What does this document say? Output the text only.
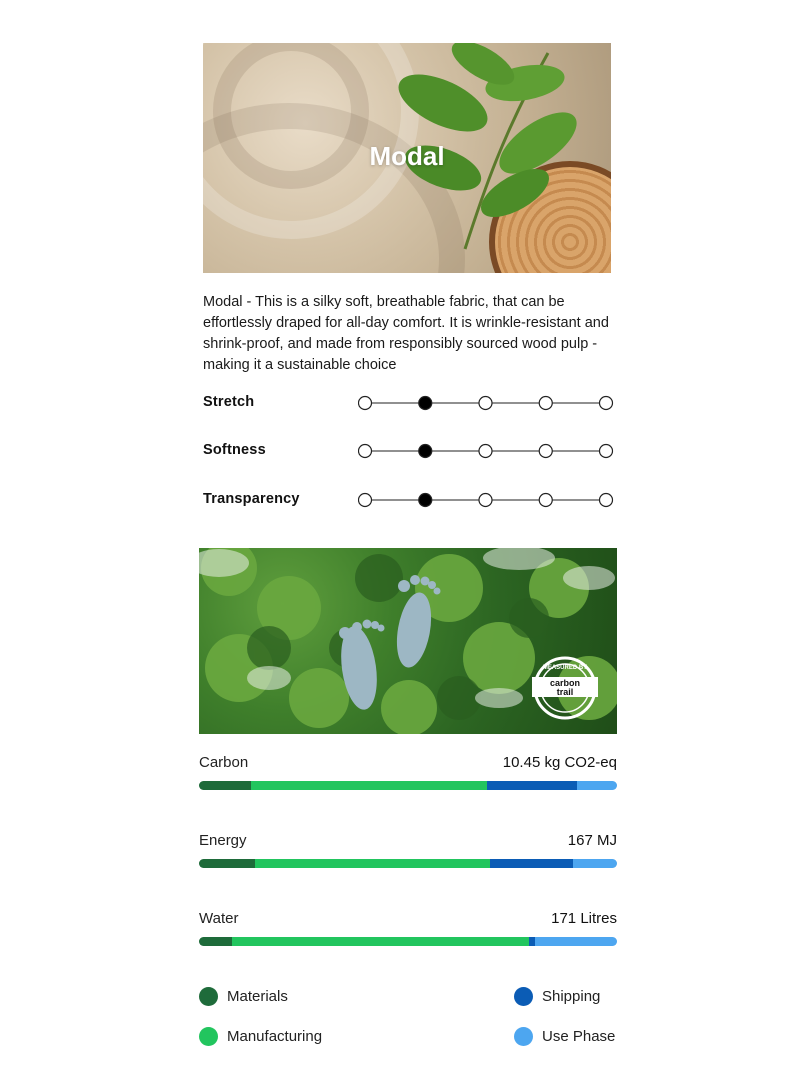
Modal
Modal - This is a silky soft, breathable fabric, that can be effortlessly draped for all-day comfort. It is wrinkle-resistant and shrink-proof, and made from responsibly sourced wood pulp - making it a sustainable choice
Stretch
Softness
Transparency
MEASURED BY
carbon
trail
Carbon	10.45 kg CO2-eq
Energy	167 MJ
Water	171 Litres
Materials	Shipping
Manufacturing	Use Phase
